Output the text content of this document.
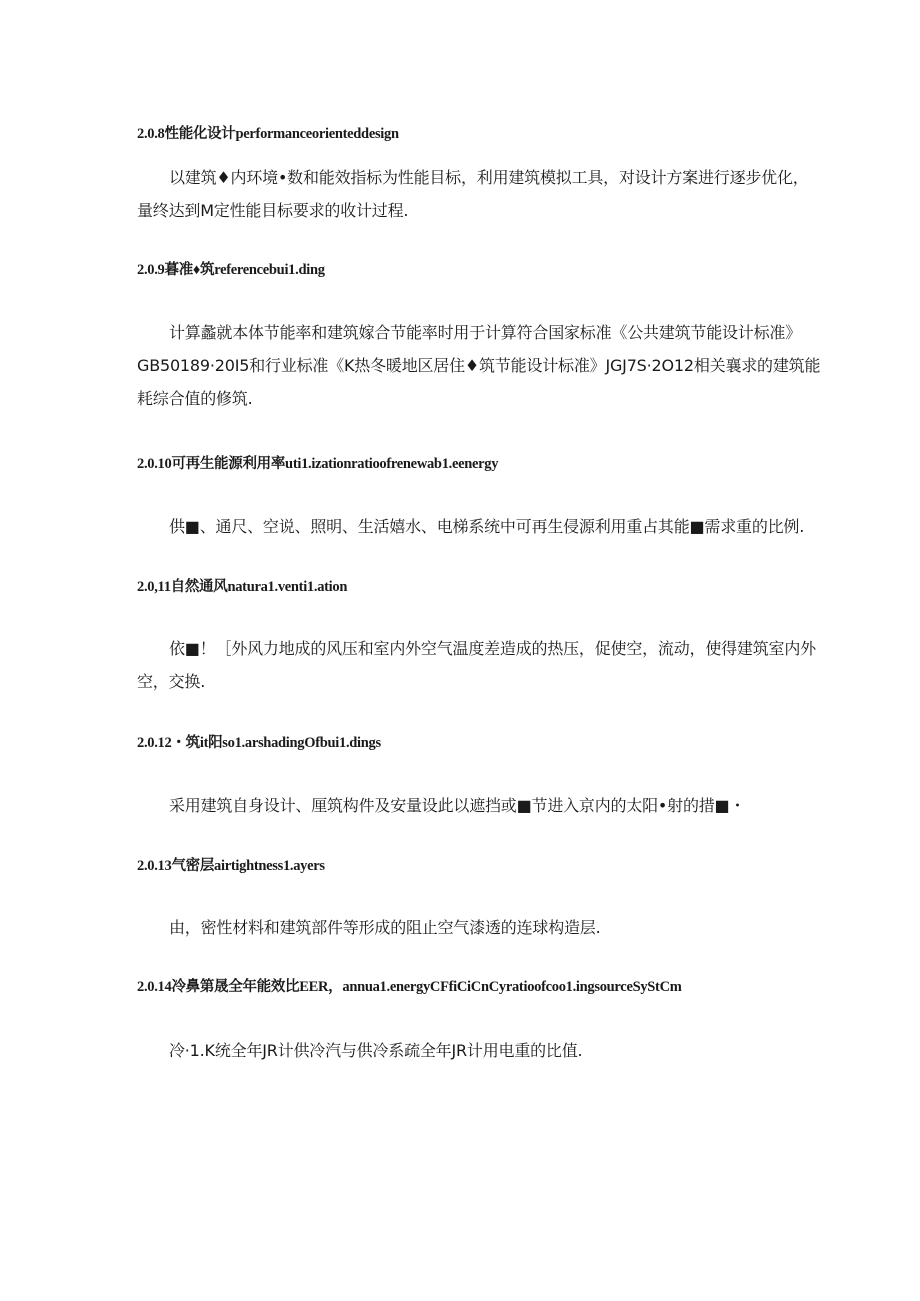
2.0.8性能化设计performanceorienteddesign
以建筑♦内环境•数和能效指标为性能目标，利用建筑模拟工具，对设计方案进行逐步优化，
量终达到M定性能目标要求的收计过程.
2.0.9暮准♦筑referencebui1.ding
计算蠡就本体节能率和建筑嫁合节能率时用于计算符合国家标准《公共建筑节能设计标准》
GB50189·20I5和行业标准《K热冬暖地区居住♦筑节能设计标准》JGJ7S·2O12相关襄求的建筑能
耗综合值的修筑.
2.0.10可再生能源利用率uti1.izationratioofrenewab1.eenergy
供■、通尺、空说、照明、生活嬉水、电梯系统中可再生侵源利用重占其能■需求重的比例.
2.0,11自然通风natura1.venti1.ation
依■！［外风力地成的风压和室内外空气温度差造成的热压，促使空，流动，使得建筑室内外
空，交换.
2.0.12・筑it阳so1.arshadingOfbui1.dings
采用建筑自身设计、厘筑构件及安量设此以遮挡或■节进入京内的太阳•射的措■・
2.0.13气密层airtightness1.ayers
由，密性材料和建筑部件等形成的阻止空气漆透的连球构造层.
2.0.14冷鼻第晟全年能效比EER，annua1.energyCFfiCiCnCyratioofcoo1.ingsourceSyStCm
冷·1.K统全年JR计供冷汽与供冷系疏全年JR计用电重的比值.
